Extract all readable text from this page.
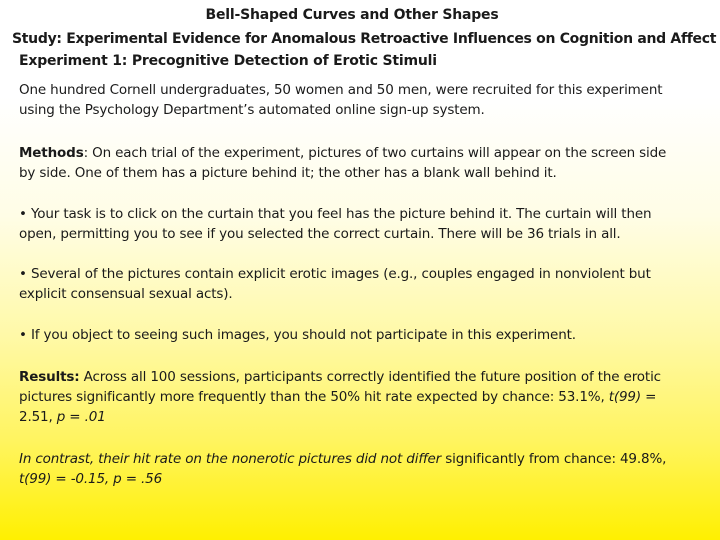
Bell-Shaped Curves and Other Shapes
Study: Experimental Evidence for Anomalous Retroactive Influences on Cognition and Affect
Experiment 1: Precognitive Detection of Erotic Stimuli
One hundred Cornell undergraduates, 50 women and 50 men, were recruited for this experiment
using the Psychology Department’s automated online sign-up system.
Methods: On each trial of the experiment, pictures of two curtains will appear on the screen side
by side. One of them has a picture behind it; the other has a blank wall behind it.
• Your task is to click on the curtain that you feel has the picture behind it. The curtain will then
open, permitting you to see if you selected the correct curtain. There will be 36 trials in all.
• Several of the pictures contain explicit erotic images (e.g., couples engaged in nonviolent but
explicit consensual sexual acts).
• If you object to seeing such images, you should not participate in this experiment.
Results: Across all 100 sessions, participants correctly identified the future position of the erotic
pictures significantly more frequently than the 50% hit rate expected by chance: 53.1%, t(99) =
2.51, p = .01
In contrast, their hit rate on the nonerotic pictures did not differ significantly from chance: 49.8%,
t(99) = -0.15, p = .56
